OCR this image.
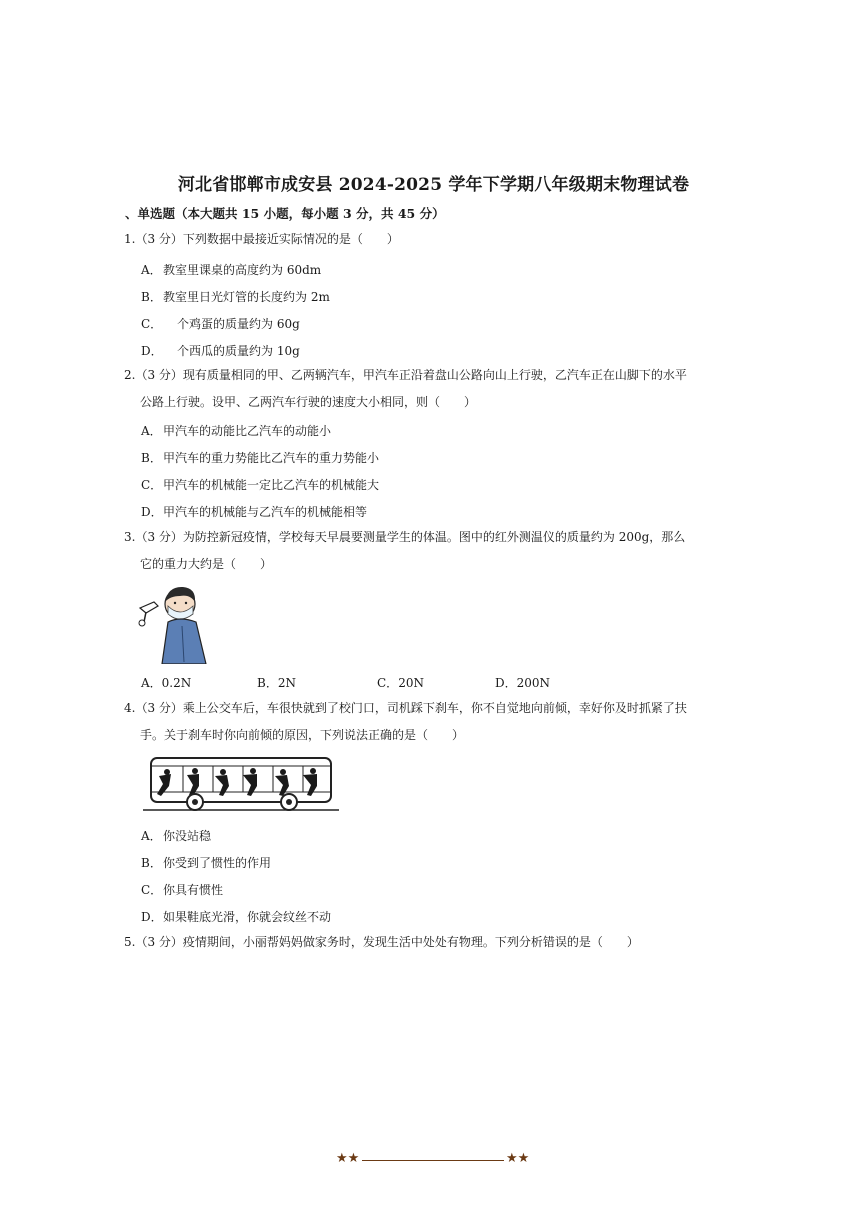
河北省邯郸市成安县 2024-2025 学年下学期八年级期末物理试卷
、单选题（本大题共 15 小题，每小题 3 分，共 45 分）
1.（3 分）下列数据中最接近实际情况的是（　　）
A．教室里课桌的高度约为 60dm
B．教室里日光灯管的长度约为 2m
C． 个鸡蛋的质量约为 60g
D． 个西瓜的质量约为 10g
2.（3 分）现有质量相同的甲、乙两辆汽车，甲汽车正沿着盘山公路向山上行驶，乙汽车正在山脚下的水平
公路上行驶。设甲、乙两汽车行驶的速度大小相同，则（　　）
A．甲汽车的动能比乙汽车的动能小
B．甲汽车的重力势能比乙汽车的重力势能小
C．甲汽车的机械能一定比乙汽车的机械能大
D．甲汽车的机械能与乙汽车的机械能相等
3.（3 分）为防控新冠疫情，学校每天早晨要测量学生的体温。图中的红外测温仪的质量约为 200g，那么
它的重力大约是（　　）
A．0.2N	B．2N	C．20N	D．200N
4.（3 分）乘上公交车后，车很快就到了校门口，司机踩下刹车，你不自觉地向前倾，幸好你及时抓紧了扶
手。关于刹车时你向前倾的原因，下列说法正确的是（　　）
A．你没站稳
B．你受到了惯性的作用
C．你具有惯性
D．如果鞋底光滑，你就会纹丝不动
5.（3 分）疫情期间，小丽帮妈妈做家务时，发现生活中处处有物理。下列分析错误的是（　　）
★★	★★
